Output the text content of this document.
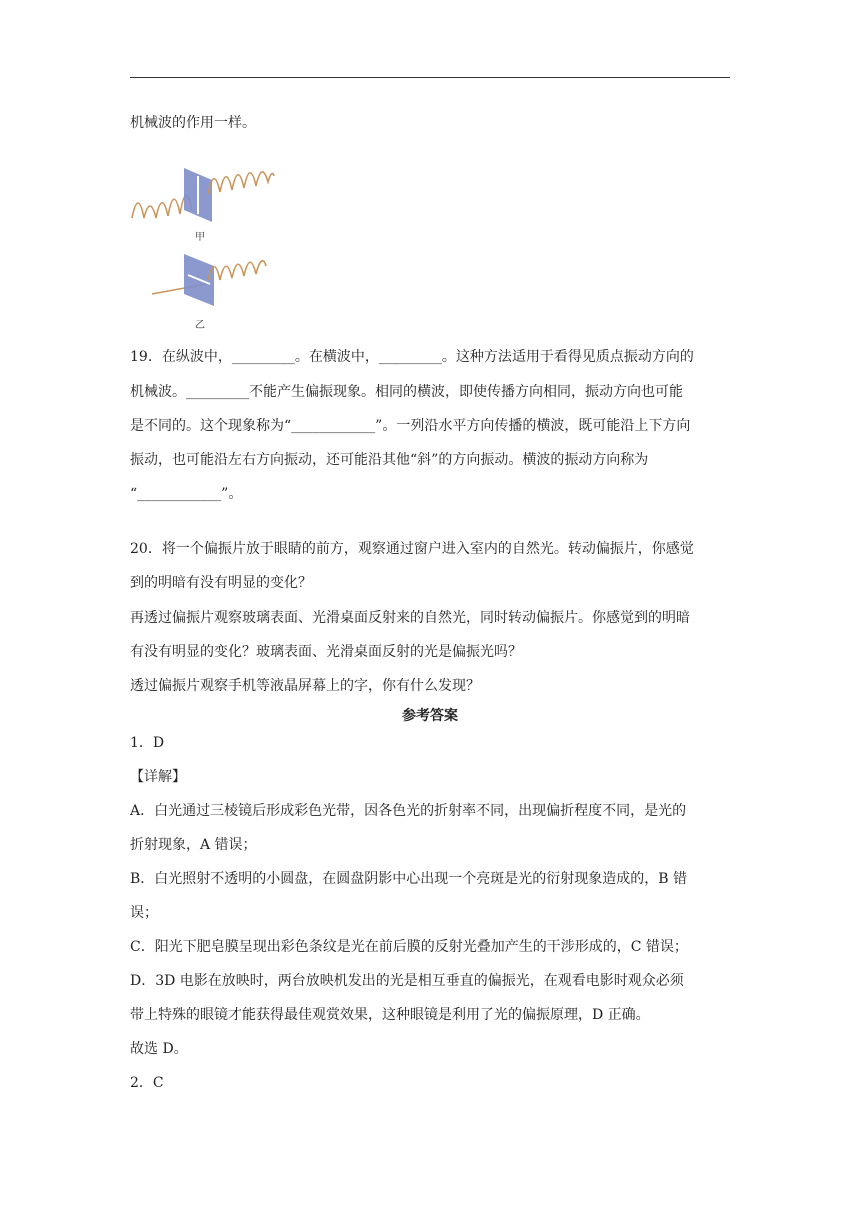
机械波的作用一样。
甲
乙
19．在纵波中，_________。在横波中，_________。这种方法适用于看得见质点振动方向的
机械波。_________不能产生偏振现象。相同的横波，即使传播方向相同，振动方向也可能
是不同的。这个现象称为“____________”。一列沿水平方向传播的横波，既可能沿上下方向
振动，也可能沿左右方向振动，还可能沿其他“斜”的方向振动。横波的振动方向称为
“____________”。
20．将一个偏振片放于眼睛的前方，观察通过窗户进入室内的自然光。转动偏振片，你感觉
到的明暗有没有明显的变化？
再透过偏振片观察玻璃表面、光滑桌面反射来的自然光，同时转动偏振片。你感觉到的明暗
有没有明显的变化？玻璃表面、光滑桌面反射的光是偏振光吗？
透过偏振片观察手机等液晶屏幕上的字，你有什么发现？
参考答案
1．D
【详解】
A．白光通过三棱镜后形成彩色光带，因各色光的折射率不同，出现偏折程度不同，是光的
折射现象，A 错误；
B．白光照射不透明的小圆盘，在圆盘阴影中心出现一个亮斑是光的衍射现象造成的，B 错
误；
C．阳光下肥皂膜呈现出彩色条纹是光在前后膜的反射光叠加产生的干涉形成的，C 错误；
D．3D 电影在放映时，两台放映机发出的光是相互垂直的偏振光，在观看电影时观众必须
带上特殊的眼镜才能获得最佳观赏效果，这种眼镜是利用了光的偏振原理，D 正确。
故选 D。
2．C
